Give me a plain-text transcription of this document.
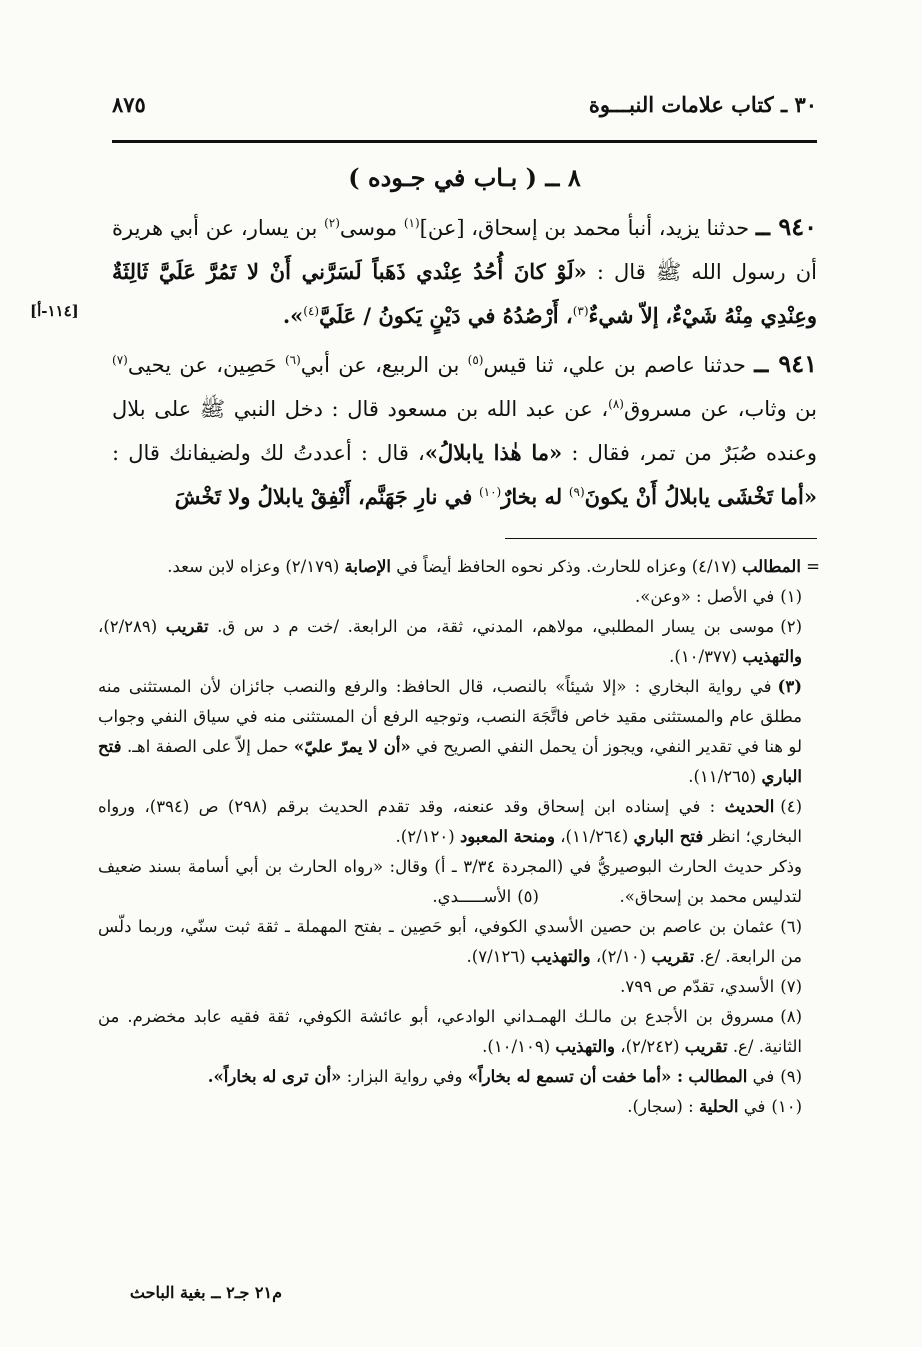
٣٠ ـ كتاب علامات النبـــوة
٨٧٥
٨ ــ ( بـاب في جـوده )
[١١٤-أ]

٩٤٠ ــ حدثنا يزيد، أنبأ محمد بن إسحاق، [عن]$^{(١)}$ موسى$^{(٢)}$ بن يسار، عن أبي هريرة أن رسول الله ﷺ قال : «لَوْ كانَ أُحُدُ عِنْدي ذَهَباً لَسَرَّني أَنْ لا تَمُرَّ عَلَيَّ ثَالِثَةٌ وعِنْدِي مِنْهُ شَيْءٌ، إلاّ شيءٌ$^{(٣)}$، أَرْصُدُهُ في دَيْنٍ يَكونُ / عَلَيَّ$^{(٤)}$».

٩٤١ ــ حدثنا عاصم بن علي، ثنا قيس$^{(٥)}$ بن الربيع، عن أبي$^{(٦)}$ حَصِين، عن يحيى$^{(٧)}$ بن وثاب، عن مسروق$^{(٨)}$، عن عبد الله بن مسعود قال : دخل النبي ﷺ على بلال وعنده صُبَرٌ من تمر، فقال : «ما هٰذا يابلالُ»، قال : أعددتُ لك ولضيفانك قال : «أما تَخْشَى يابلالُ أَنْ يكونَ$^{(٩)}$ له بخارٌ$^{(١٠)}$ في نارِ جَهَنَّم، أَنْفِقْ يابلالُ ولا تَخْشَ

= المطالب (٤/١٧) وعزاه للحارث. وذكر نحوه الحافظ أيضاً في الإصابة (٢/١٧٩) وعزاه لابن سعد.

(١)في الأصل : «وعن».

(٢)موسى بن يسار المطلبي، مولاهم، المدني، ثقة، من الرابعة. /خت م د س ق. تقريب (٢/٢٨٩)، والتهذيب (١٠/٣٧٧).

(٣)في رواية البخاري : «إلا شيئاً» بالنصب، قال الحافظ: والرفع والنصب جائزان لأن المستثنى منه مطلق عام والمستثنى مقيد خاص فاتَّجَهَ النصب، وتوجيه الرفع أن المستثنى منه في سياق النفي وجواب لو هنا في تقدير النفي، ويجوز أن يحمل النفي الصريح في «أن لا يمرّ عليّ» حمل إلاّ على الصفة اهـ. فتح الباري (١١/٢٦٥).

(٤)الحديث : في إسناده ابن إسحاق وقد عنعنه، وقد تقدم الحديث برقم (٢٩٨) ص (٣٩٤)، ورواه البخاري؛ انظر فتح الباري (١١/٢٦٤)، ومنحة المعبود (٢/١٢٠).

وذكر حديث الحارث البوصيريُّ في (المجردة ٣/٣٤ ـ أ) وقال: «رواه الحارث بن أبي أسامة بسند ضعيف لتدليس محمد بن إسحاق».  (٥)الأســـــدي.

(٦)عثمان بن عاصم بن حصين الأسدي الكوفي، أبو حَصِين ـ بفتح المهملة ـ ثقة ثبت سنّي، وربما دلّس من الرابعة. /ع. تقريب (٢/١٠)، والتهذيب (٧/١٢٦).

(٧)الأسدي، تقدّم ص ٧٩٩.

(٨)مسروق بن الأجدع بن مالـك الهمـداني الوادعي، أبو عائشة الكوفي، ثقة فقيه عابد مخضرم. من الثانية. /ع. تقريب (٢/٢٤٢)، والتهذيب (١٠/١٠٩).

(٩)في المطالب : «أما خفت أن تسمع له بخاراً» وفي رواية البزار: «أن ترى له بخاراً».

(١٠)في الحلية : (سجار).

م٢١ جـ٢ ــ بغية الباحث
